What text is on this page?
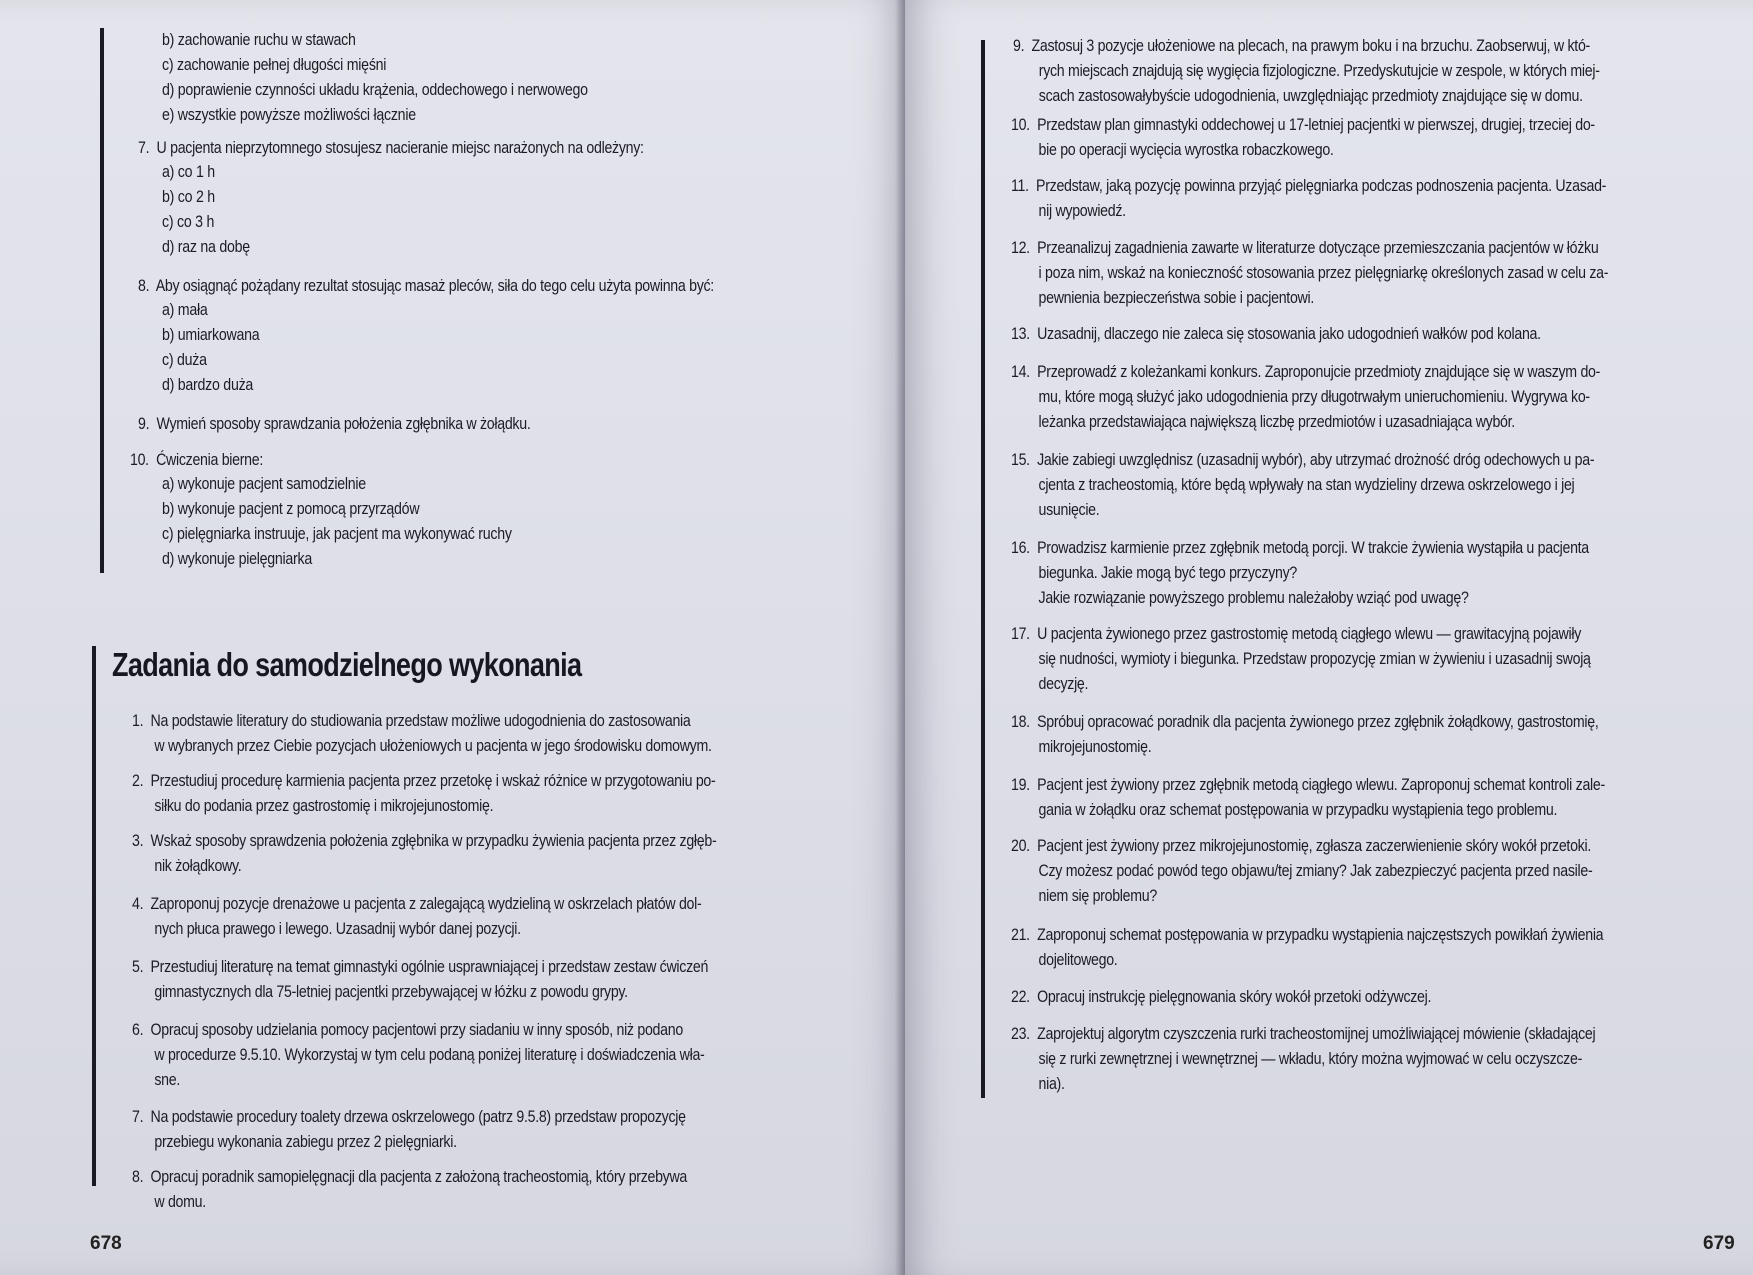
b) zachowanie ruchu w stawach
c) zachowanie pełnej długości mięśni
d) poprawienie czynności układu krążenia, oddechowego i nerwowego
e) wszystkie powyższe możliwości łącznie
7. U pacjenta nieprzytomnego stosujesz nacieranie miejsc narażonych na odleżyny:
a) co 1 h
b) co 2 h
c) co 3 h
d) raz na dobę
8. Aby osiągnąć pożądany rezultat stosując masaż pleców, siła do tego celu użyta powinna być:
a) mała
b) umiarkowana
c) duża
d) bardzo duża
9. Wymień sposoby sprawdzania położenia zgłębnika w żołądku.
10. Ćwiczenia bierne:
a) wykonuje pacjent samodzielnie
b) wykonuje pacjent z pomocą przyrządów
c) pielęgniarka instruuje, jak pacjent ma wykonywać ruchy
d) wykonuje pielęgniarka
Zadania do samodzielnego wykonania
1. Na podstawie literatury do studiowania przedstaw możliwe udogodnienia do zastosowania
w wybranych przez Ciebie pozycjach ułożeniowych u pacjenta w jego środowisku domowym.
2. Przestudiuj procedurę karmienia pacjenta przez przetokę i wskaż różnice w przygotowaniu po-
siłku do podania przez gastrostomię i mikrojejunostomię.
3. Wskaż sposoby sprawdzenia położenia zgłębnika w przypadku żywienia pacjenta przez zgłęb-
nik żołądkowy.
4. Zaproponuj pozycje drenażowe u pacjenta z zalegającą wydzieliną w oskrzelach płatów dol-
nych płuca prawego i lewego. Uzasadnij wybór danej pozycji.
5. Przestudiuj literaturę na temat gimnastyki ogólnie usprawniającej i przedstaw zestaw ćwiczeń
gimnastycznych dla 75-letniej pacjentki przebywającej w łóżku z powodu grypy.
6. Opracuj sposoby udzielania pomocy pacjentowi przy siadaniu w inny sposób, niż podano
w procedurze 9.5.10. Wykorzystaj w tym celu podaną poniżej literaturę i doświadczenia wła-
sne.
7. Na podstawie procedury toalety drzewa oskrzelowego (patrz 9.5.8) przedstaw propozycję
przebiegu wykonania zabiegu przez 2 pielęgniarki.
8. Opracuj poradnik samopielęgnacji dla pacjenta z założoną tracheostomią, który przebywa
w domu.
678
9. Zastosuj 3 pozycje ułożeniowe na plecach, na prawym boku i na brzuchu. Zaobserwuj, w któ-
rych miejscach znajdują się wygięcia fizjologiczne. Przedyskutujcie w zespole, w których miej-
scach zastosowałybyście udogodnienia, uwzględniając przedmioty znajdujące się w domu.
10. Przedstaw plan gimnastyki oddechowej u 17-letniej pacjentki w pierwszej, drugiej, trzeciej do-
bie po operacji wycięcia wyrostka robaczkowego.
11. Przedstaw, jaką pozycję powinna przyjąć pielęgniarka podczas podnoszenia pacjenta. Uzasad-
nij wypowiedź.
12. Przeanalizuj zagadnienia zawarte w literaturze dotyczące przemieszczania pacjentów w łóżku
i poza nim, wskaż na konieczność stosowania przez pielęgniarkę określonych zasad w celu za-
pewnienia bezpieczeństwa sobie i pacjentowi.
13. Uzasadnij, dlaczego nie zaleca się stosowania jako udogodnień wałków pod kolana.
14. Przeprowadź z koleżankami konkurs. Zaproponujcie przedmioty znajdujące się w waszym do-
mu, które mogą służyć jako udogodnienia przy długotrwałym unieruchomieniu. Wygrywa ko-
leżanka przedstawiająca największą liczbę przedmiotów i uzasadniająca wybór.
15. Jakie zabiegi uwzględnisz (uzasadnij wybór), aby utrzymać drożność dróg odechowych u pa-
cjenta z tracheostomią, które będą wpływały na stan wydzieliny drzewa oskrzelowego i jej
usunięcie.
16. Prowadzisz karmienie przez zgłębnik metodą porcji. W trakcie żywienia wystąpiła u pacjenta
biegunka. Jakie mogą być tego przyczyny?
Jakie rozwiązanie powyższego problemu należałoby wziąć pod uwagę?
17. U pacjenta żywionego przez gastrostomię metodą ciągłego wlewu — grawitacyjną pojawiły
się nudności, wymioty i biegunka. Przedstaw propozycję zmian w żywieniu i uzasadnij swoją
decyzję.
18. Spróbuj opracować poradnik dla pacjenta żywionego przez zgłębnik żołądkowy, gastrostomię,
mikrojejunostomię.
19. Pacjent jest żywiony przez zgłębnik metodą ciągłego wlewu. Zaproponuj schemat kontroli zale-
gania w żołądku oraz schemat postępowania w przypadku wystąpienia tego problemu.
20. Pacjent jest żywiony przez mikrojejunostomię, zgłasza zaczerwienienie skóry wokół przetoki.
Czy możesz podać powód tego objawu/tej zmiany? Jak zabezpieczyć pacjenta przed nasile-
niem się problemu?
21. Zaproponuj schemat postępowania w przypadku wystąpienia najczęstszych powikłań żywienia
dojelitowego.
22. Opracuj instrukcję pielęgnowania skóry wokół przetoki odżywczej.
23. Zaprojektuj algorytm czyszczenia rurki tracheostomijnej umożliwiającej mówienie (składającej
się z rurki zewnętrznej i wewnętrznej — wkładu, który można wyjmować w celu oczyszcze-
nia).
679
